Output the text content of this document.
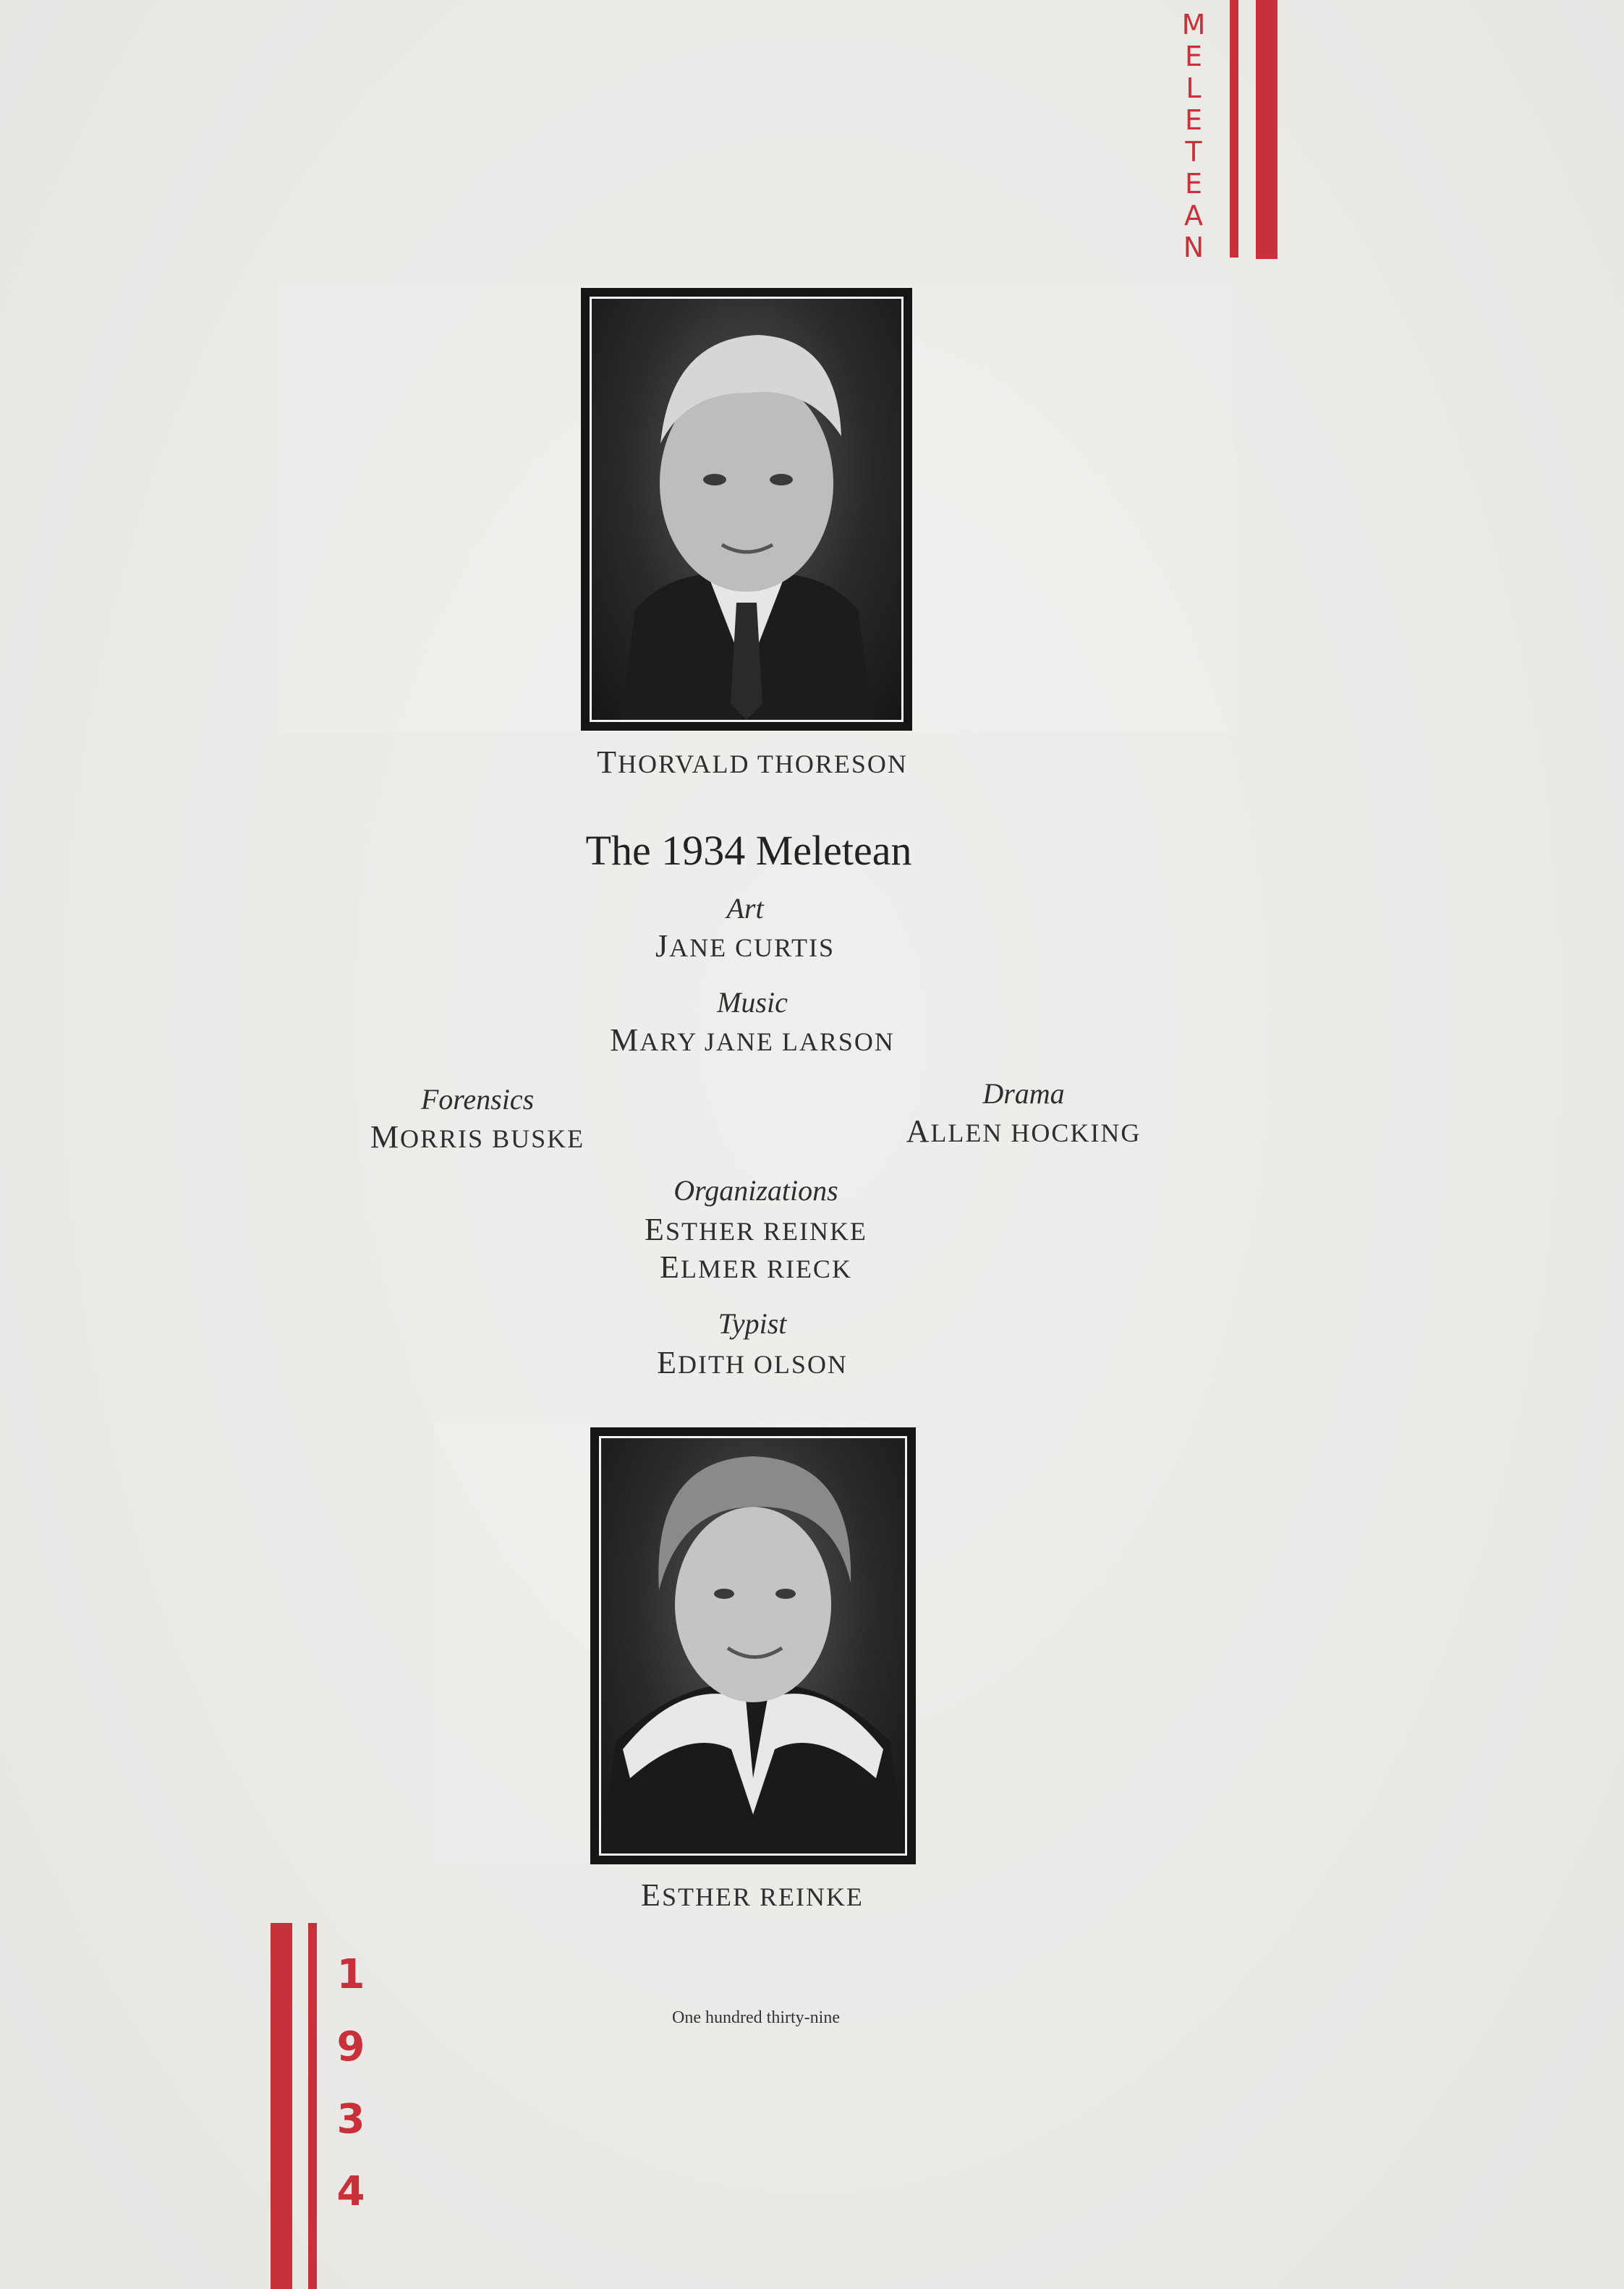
M
E
L
E
T
E
A
N
THORVALD THORESON
The 1934 Meletean
Art
JANE CURTIS
Music
MARY JANE LARSON
Forensics
MORRIS BUSKE
Drama
ALLEN HOCKING
Organizations
ESTHER REINKE
ELMER RIECK
Typist
EDITH OLSON
ESTHER REINKE
1
9
3
4
One hundred thirty-nine
